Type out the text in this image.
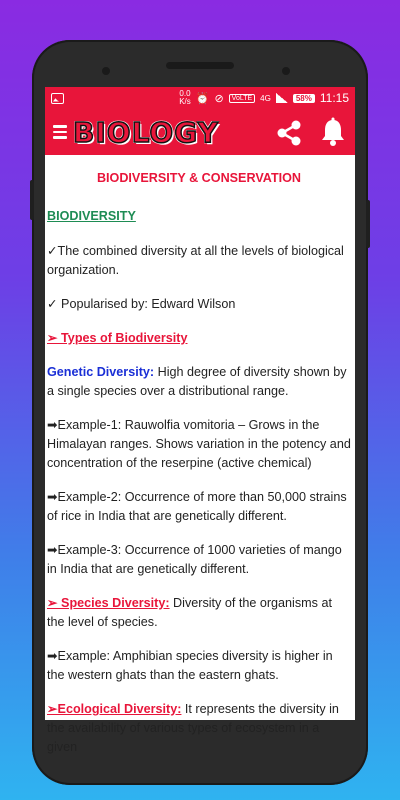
0.0
K/s ⏰ ⊘	VoLTE	4G	58% 11:15
BIOLOGY
BIODIVERSITY & CONSERVATION
BIODIVERSITY

✓The combined diversity at all the levels of biological organization.

✓ Popularised by: Edward Wilson

➢ Types of Biodiversity

Genetic Diversity: High degree of diversity shown by a single species over a distributional range.

➡Example-1: Rauwolfia vomitoria – Grows in the Himalayan ranges. Shows variation in the potency and concentration of the reserpine (active chemical)

➡Example-2: Occurrence of more than 50,000 strains of rice in India that are genetically different.

➡Example-3: Occurrence of 1000 varieties of mango in India that are genetically different.

➢ Species Diversity: Diversity of the organisms at the level of species.

➡Example: Amphibian species diversity is higher in the western ghats than the eastern ghats.

➢Ecological Diversity: It represents the diversity in the availability of various types of ecosystem in a given
